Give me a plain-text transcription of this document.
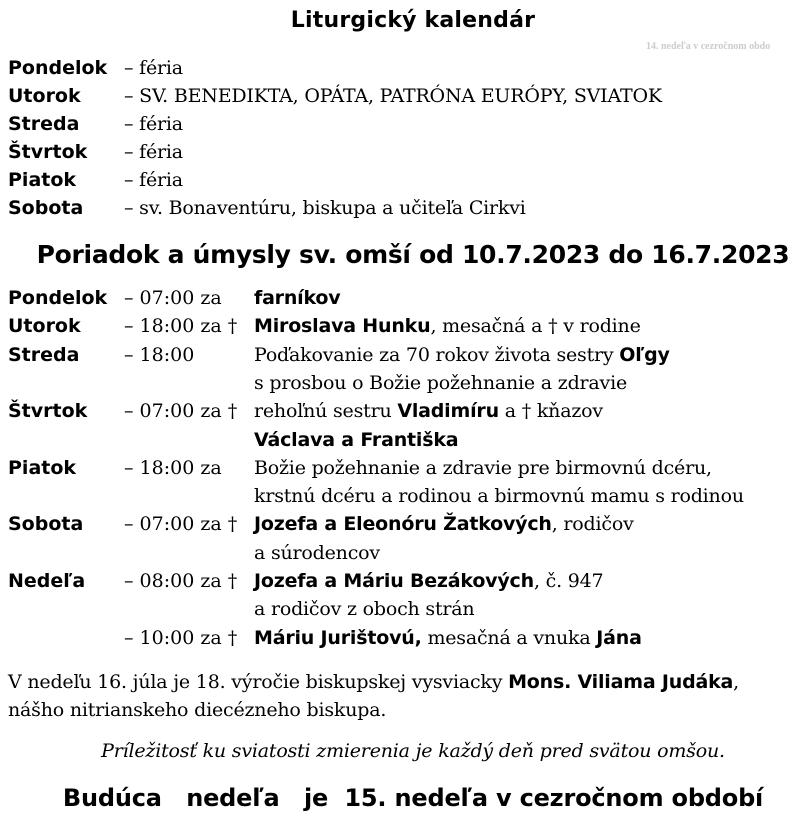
Liturgický kalendár
14. nedeľa v cezročnom obdo
Pondelok – féria
Utorok – SV. BENEDIKTA, OPÁTA, PATRÓNA EURÓPY, SVIATOK
Streda – féria
Štvrtok – féria
Piatok	– féria
Sobota – sv. Bonaventúru, biskupa a učiteľa Cirkvi
Poriadok a úmysly sv. omší od 10.7.2023 do 16.7.2023
Pondelok – 07:00 za farníkov
Utorok – 18:00 za † Miroslava Hunku, mesačná a † v rodine
Streda – 18:00	Poďakovanie za 70 rokov života sestry Oľgy
s prosbou o Božie požehnanie a zdravie
Štvrtok – 07:00 za † rehoľnú sestru Vladimíru a † kňazov
Václava a Františka
Piatok	– 18:00 za Božie požehnanie a zdravie pre birmovnú dcéru,
krstnú dcéru a rodinou a birmovnú mamu s rodinou
Sobota – 07:00 za † Jozefa a Eleonóru Žatkových, rodičov
a súrodencov
Nedeľa – 08:00 za † Jozefa a Máriu Bezákových, č. 947
a rodičov z oboch strán
– 10:00 za † Máriu Jurištovú, mesačná a vnuka Jána
V nedeľu 16. júla je 18. výročie biskupskej vysviacky Mons. Viliama Judáka,
nášho nitrianskeho diecézneho biskupa.
Príležitosť ku sviatosti zmierenia je každý deň pred svätou omšou.
Budúca   nedeľa   je  15. nedeľa v cezročnom období
